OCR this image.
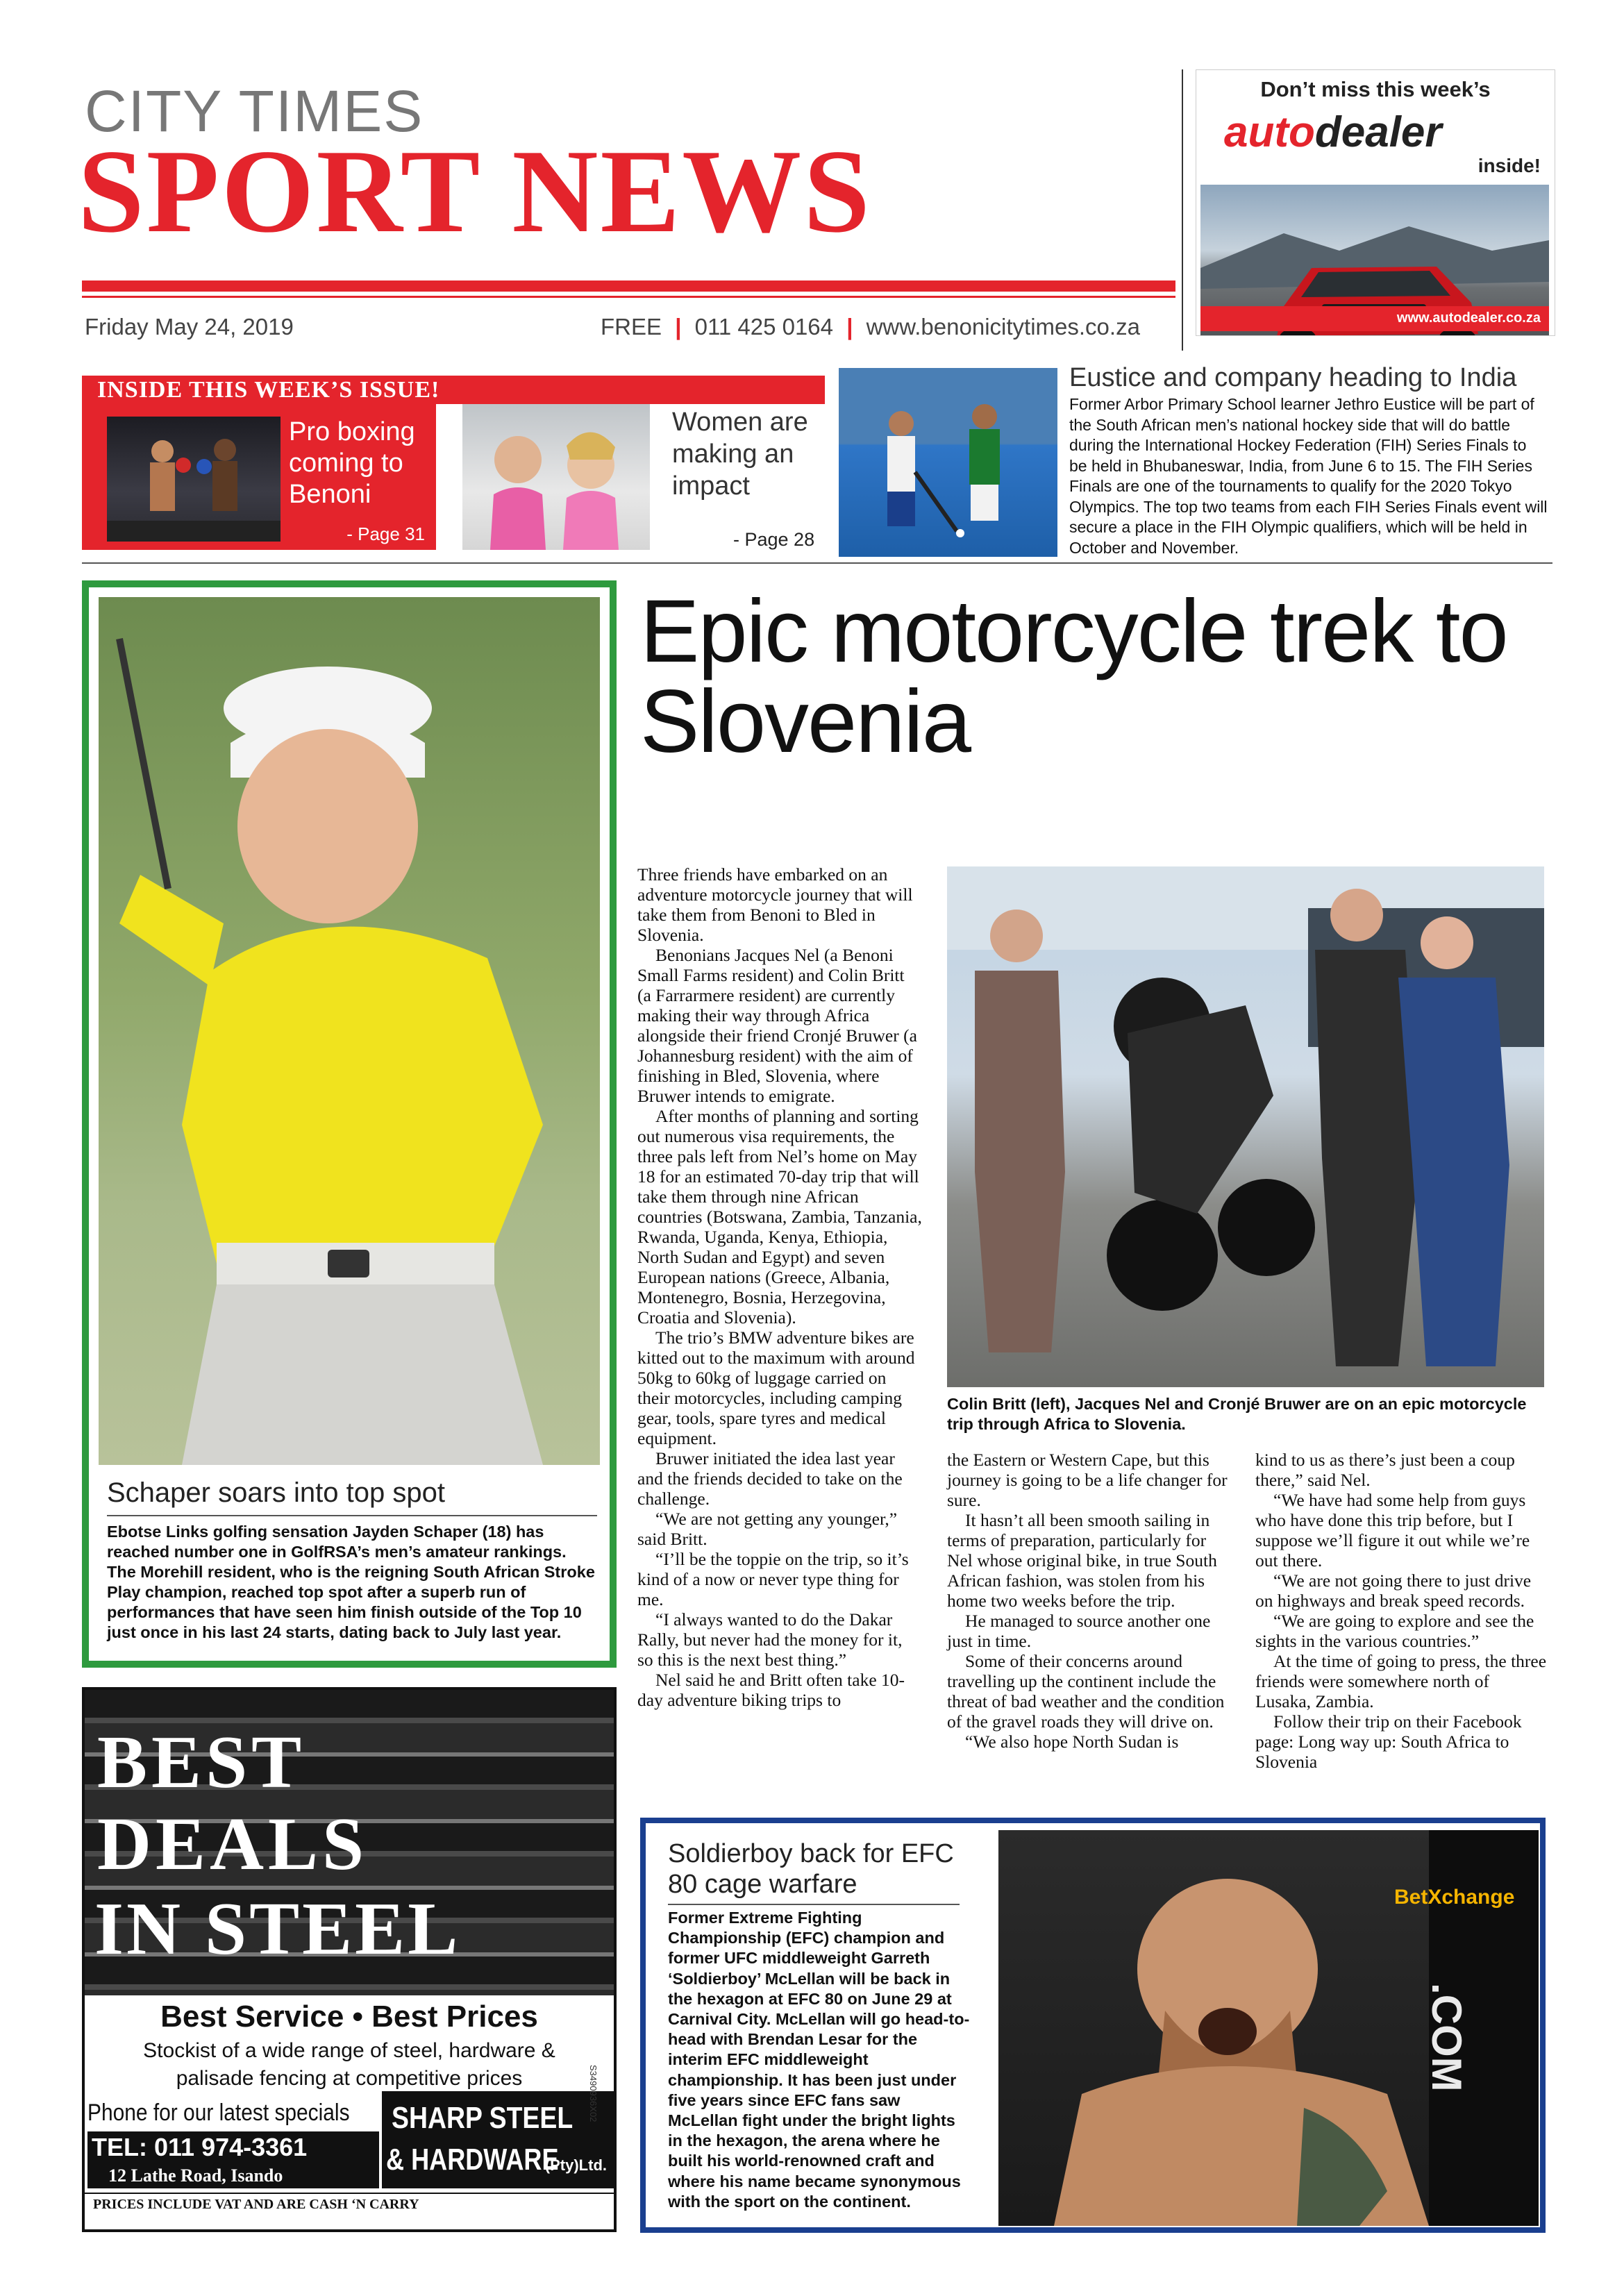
CITY TIMES
SPORT NEWS
Friday May 24, 2019	FREE | 011 425 0164 | www.benonicitytimes.co.za
Don’t miss this week’s
autodealer
inside!
www.autodealer.co.za
INSIDE THIS WEEK’S ISSUE!
Pro boxing coming to Benoni
- Page 31
Women are making an impact
- Page 28
Eustice and company heading to India
Former Arbor Primary School learner Jethro Eustice will be part of the South African men’s national hockey side that will do battle during the International Hockey Federation (FIH) Series Finals to be held in Bhubaneswar, India, from June 6 to 15. The FIH Series Finals are one of the tournaments to qualify for the 2020 Tokyo Olympics. The top two teams from each FIH Series Finals event will secure a place in the FIH Olympic qualifiers, which will be held in October and November.
Schaper soars into top spot
Ebotse Links golfing sensation Jayden Schaper (18) has reached number one in GolfRSA’s men’s amateur rankings. The Morehill resident, who is the reigning South African Stroke Play champion, reached top spot after a superb run of performances that have seen him finish outside of the Top 10 just once in his last 24 starts, dating back to July last year.
Epic motorcycle trek to Slovenia
Colin Britt (left), Jacques Nel and Cronjé Bruwer are on an epic motorcycle trip through Africa to Slovenia.

Three friends have embarked on an adventure motorcycle journey that will take them from Benoni to Bled in Slovenia.

Benonians Jacques Nel (a Benoni Small Farms resident) and Colin Britt (a Farrarmere resident) are currently making their way through Africa alongside their friend Cronjé Bruwer (a Johannesburg resident) with the aim of finishing in Bled, Slovenia, where Bruwer intends to emigrate.

After months of planning and sorting out numerous visa requirements, the three pals left from Nel’s home on May 18 for an estimated 70-day trip that will take them through nine African countries (Botswana, Zambia, Tanzania, Rwanda, Uganda, Kenya, Ethiopia, North Sudan and Egypt) and seven European nations (Greece, Albania, Montenegro, Bosnia, Herzegovina, Croatia and Slovenia).

The trio’s BMW adventure bikes are kitted out to the maximum with around 50kg to 60kg of luggage carried on their motorcycles, including camping gear, tools, spare tyres and medical equipment.

Bruwer initiated the idea last year and the friends decided to take on the challenge.

“We are not getting any younger,” said Britt.

“I’ll be the toppie on the trip, so it’s kind of a now or never type thing for me.

“I always wanted to do the Dakar Rally, but never had the money for it, so this is the next best thing.”

Nel said he and Britt often take 10-day adventure biking trips to

the Eastern or Western Cape, but this journey is going to be a life changer for sure.

It hasn’t all been smooth sailing in terms of preparation, particularly for Nel whose original bike, in true South African fashion, was stolen from his home two weeks before the trip.

He managed to source another one just in time.

Some of their concerns around travelling up the continent include the threat of bad weather and the condition of the gravel roads they will drive on.

“We also hope North Sudan is

kind to us as there’s just been a coup there,” said Nel.

“We have had some help from guys who have done this trip before, but I suppose we’ll figure it out while we’re out there.

“We are not going there to just drive on highways and break speed records.

“We are going to explore and see the sights in the various countries.”

At the time of going to press, the three friends were somewhere north of Lusaka, Zambia.

Follow their trip on their Facebook page: Long way up: South Africa to Slovenia

BEST
DEALS
IN STEEL
Best Service • Best Prices
Stockist of a wide range of steel, hardware & palisade fencing at competitive prices
Phone for our latest specials
TEL: 011 974-3361
12 Lathe Road, Isando
SHARP STEEL
& HARDWARE
(Pty)Ltd.
S3490936X02
PRICES INCLUDE VAT AND ARE CASH ‘N CARRY
Soldierboy back for EFC 80 cage warfare
Former Extreme Fighting Championship (EFC) champion and former UFC middleweight Garreth ‘Soldierboy’ McLellan will be back in the hexagon at EFC 80 on June 29 at Carnival City. McLellan will go head-to-head with Brendan Lesar for the interim EFC middleweight championship. It has been just under five years since EFC fans saw McLellan fight under the bright lights in the hexagon, the arena where he built his world-renowned craft and where his name became synonymous with the sport on the continent.
BetXchange
.COM
